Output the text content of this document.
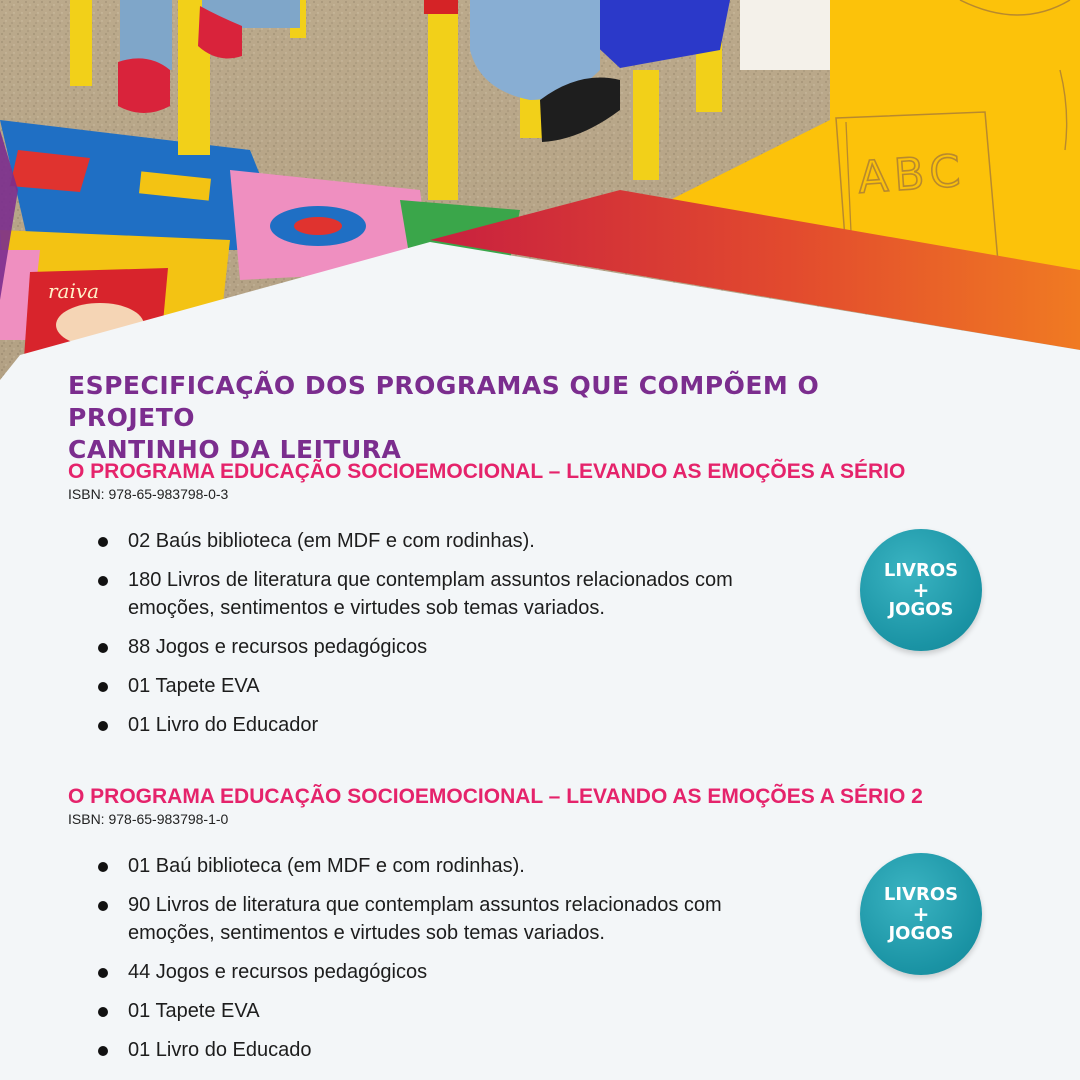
raiva
ABC
ESPECIFICAÇÃO DOS PROGRAMAS QUE COMPÕEM O PROJETO
CANTINHO DA LEITURA
O PROGRAMA EDUCAÇÃO SOCIOEMOCIONAL – LEVANDO AS EMOÇÕES A SÉRIO
ISBN: 978-65-983798-0-3
02 Baús biblioteca (em MDF e com rodinhas).
180 Livros de literatura que contemplam assuntos relacionados com emoções, sentimentos e virtudes sob temas variados.
88 Jogos e recursos pedagógicos
01 Tapete EVA
01 Livro do Educador
LIVROS
+
JOGOS
O PROGRAMA EDUCAÇÃO SOCIOEMOCIONAL – LEVANDO AS EMOÇÕES A SÉRIO 2
ISBN: 978-65-983798-1-0
01 Baú biblioteca (em MDF e com rodinhas).
90 Livros de literatura que contemplam assuntos relacionados com emoções, sentimentos e virtudes sob temas variados.
44 Jogos e recursos pedagógicos
01 Tapete EVA
01 Livro do Educado
LIVROS
+
JOGOS
